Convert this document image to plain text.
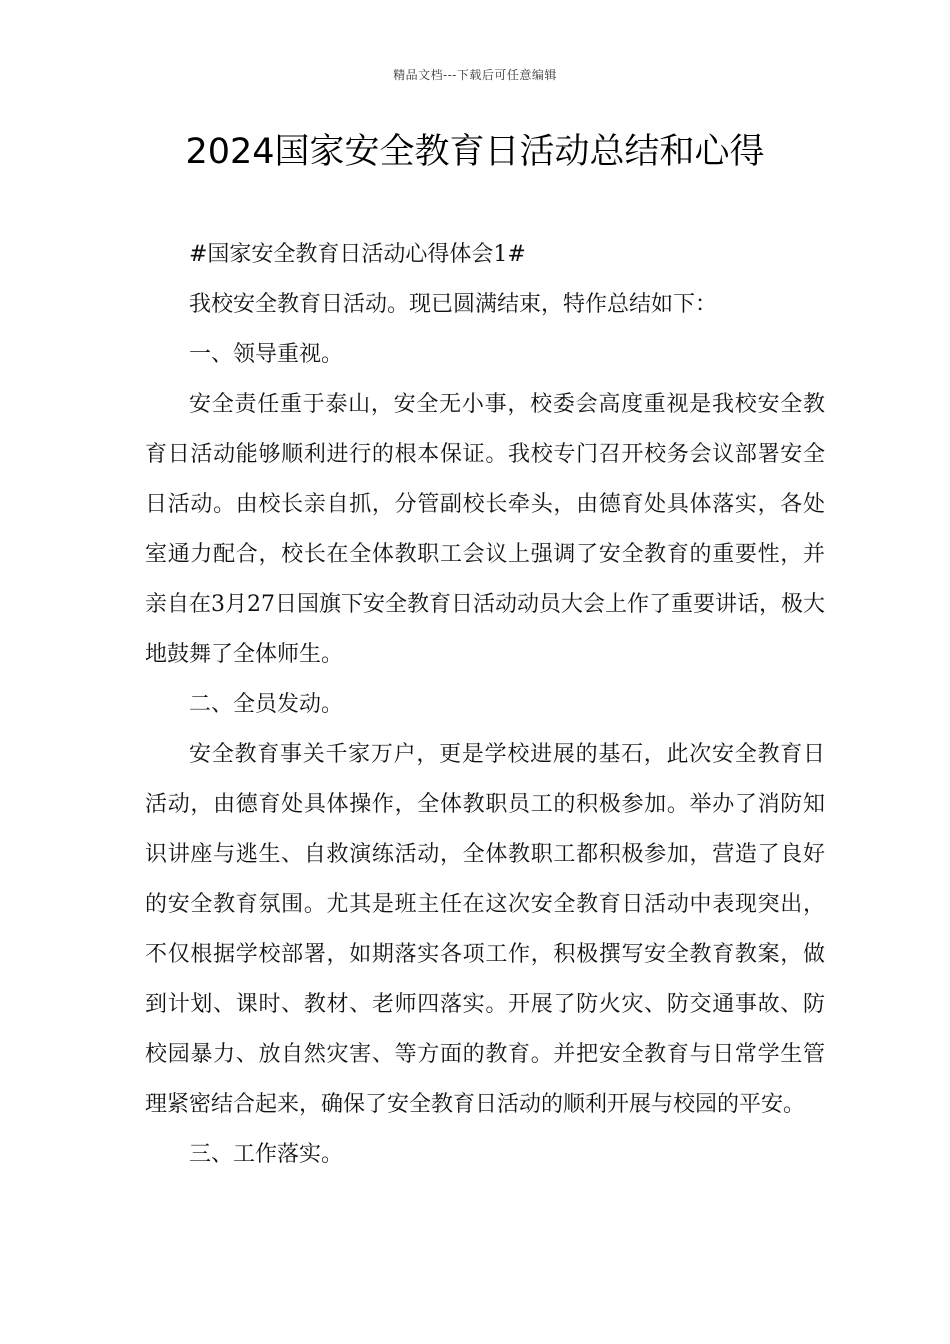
精品文档---下载后可任意编辑
2024国家安全教育日活动总结和心得

#国家安全教育日活动心得体会1#

我校安全教育日活动。现已圆满结束，特作总结如下：

一、领导重视。

安全责任重于泰山，安全无小事，校委会高度重视是我校安全教育日活动能够顺利进行的根本保证。我校专门召开校务会议部署安全日活动。由校长亲自抓，分管副校长牵头，由德育处具体落实，各处室通力配合，校长在全体教职工会议上强调了安全教育的重要性，并亲自在3月27日国旗下安全教育日活动动员大会上作了重要讲话，极大地鼓舞了全体师生。

二、全员发动。

安全教育事关千家万户，更是学校进展的基石，此次安全教育日活动，由德育处具体操作，全体教职员工的积极参加。举办了消防知识讲座与逃生、自救演练活动，全体教职工都积极参加，营造了良好的安全教育氛围。尤其是班主任在这次安全教育日活动中表现突出，不仅根据学校部署，如期落实各项工作，积极撰写安全教育教案，做到计划、课时、教材、老师四落实。开展了防火灾、防交通事故、防校园暴力、放自然灾害、等方面的教育。并把安全教育与日常学生管理紧密结合起来，确保了安全教育日活动的顺利开展与校园的平安。

三、工作落实。
